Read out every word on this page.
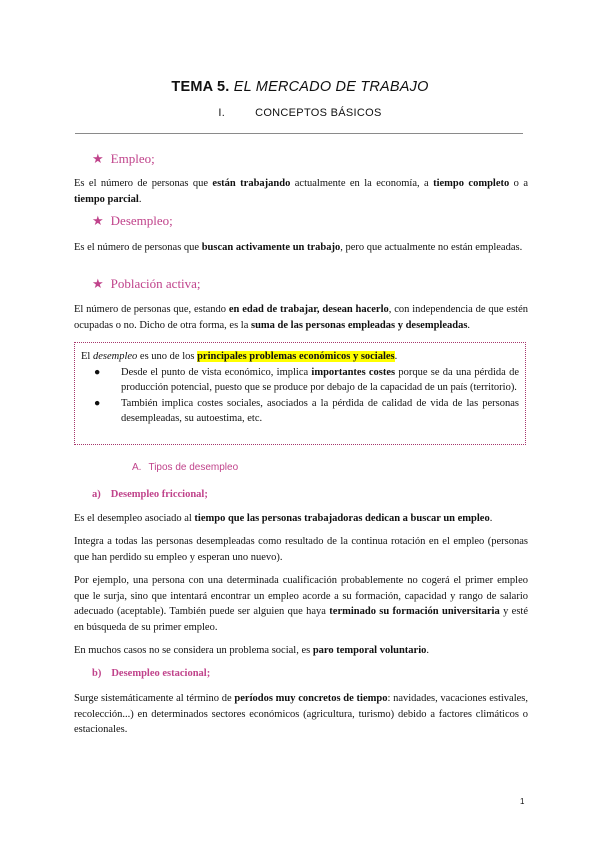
TEMA 5. EL MERCADO DE TRABAJO
I.	CONCEPTOS BÁSICOS
★ Empleo;
Es el número de personas que están trabajando actualmente en la economía, a tiempo completo o a tiempo parcial.
★ Desempleo;
Es el número de personas que buscan activamente un trabajo, pero que actualmente no están empleadas.
★ Población activa;
El número de personas que, estando en edad de trabajar, desean hacerlo, con independencia de que estén ocupadas o no. Dicho de otra forma, es la suma de las personas empleadas y desempleadas.
El desempleo es uno de los principales problemas económicos y sociales.
● Desde el punto de vista económico, implica importantes costes porque se da una pérdida de producción potencial, puesto que se produce por debajo de la capacidad de un país (territorio).
● También implica costes sociales, asociados a la pérdida de calidad de vida de las personas desempleadas, su autoestima, etc.
A. Tipos de desempleo
a) Desempleo friccional;
Es el desempleo asociado al tiempo que las personas trabajadoras dedican a buscar un empleo.
Integra a todas las personas desempleadas como resultado de la continua rotación en el empleo (personas que han perdido su empleo y esperan uno nuevo).
Por ejemplo, una persona con una determinada cualificación probablemente no cogerá el primer empleo que le surja, sino que intentará encontrar un empleo acorde a su formación, capacidad y rango de salario adecuado (aceptable). También puede ser alguien que haya terminado su formación universitaria y esté en búsqueda de su primer empleo.
En muchos casos no se considera un problema social, es paro temporal voluntario.
b) Desempleo estacional;
Surge sistemáticamente al término de períodos muy concretos de tiempo: navidades, vacaciones estivales, recolección...) en determinados sectores económicos (agricultura, turismo) debido a factores climáticos o estacionales.
1
